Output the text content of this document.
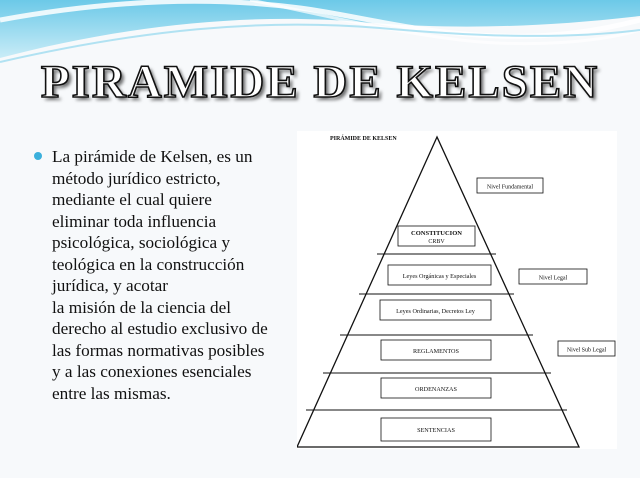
PIRAMIDE DE KELSEN
La pirámide de Kelsen, es un
método jurídico estricto,
mediante el cual quiere
eliminar toda influencia
psicológica, sociológica y
teológica en la construcción
jurídica, y acotar
la misión de la ciencia del
derecho al estudio exclusivo de
las formas normativas posibles
y a las conexiones esenciales
entre las mismas.
PIRÁMIDE DE KELSEN
CONSTITUCION
CRBV
Leyes Orgánicas y Especiales
Leyes Ordinarias, Decretos Ley
REGLAMENTOS
ORDENANZAS
SENTENCIAS
Nivel Fundamental
Nivel Legal
Nivel Sub Legal
